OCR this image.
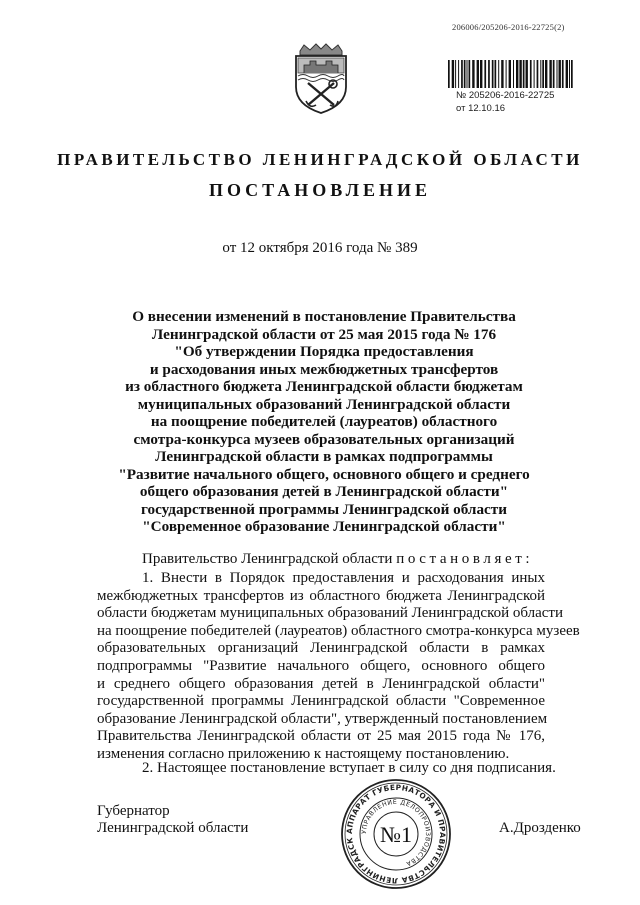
206006/205206-2016-22725(2)
№ 205206-2016-22725
от 12.10.16
ПРАВИТЕЛЬСТВО ЛЕНИНГРАДСКОЙ ОБЛАСТИ
ПОСТАНОВЛЕНИЕ
от 12 октября 2016 года № 389
О внесении изменений в постановление Правительства
Ленинградской области от 25 мая 2015 года № 176
"Об утверждении Порядка предоставления
и расходования иных межбюджетных трансфертов
из областного бюджета Ленинградской области бюджетам
муниципальных образований Ленинградской области
на поощрение победителей (лауреатов) областного
смотра-конкурса музеев образовательных организаций
Ленинградской области в рамках подпрограммы
"Развитие начального общего, основного общего и среднего
общего образования детей в Ленинградской области"
государственной программы Ленинградской области
"Современное образование Ленинградской области"
Правительство Ленинградской области постановляет:
1. Внести в Порядок предоставления и расходования иных
межбюджетных трансфертов из областного бюджета Ленинградской
области бюджетам муниципальных образований Ленинградской области
на поощрение победителей (лауреатов) областного смотра-конкурса музеев
образовательных организаций Ленинградской области в рамках
подпрограммы "Развитие начального общего, основного общего
и среднего общего образования детей в Ленинградской области"
государственной программы Ленинградской области "Современное
образование Ленинградской области", утвержденный постановлением
Правительства Ленинградской области от 25 мая 2015 года № 176,
изменения согласно приложению к настоящему постановлению.
2. Настоящее постановление вступает в силу со дня подписания.
Губернатор
Ленинградской области	А.Дрозденко
АППАРАТ ГУБЕРНАТОРА И ПРАВИТЕЛЬСТВА ЛЕНИНГРАДСК
УПРАВЛЕНИЕ ДЕЛОПРОИЗВОДСТВА
№1
